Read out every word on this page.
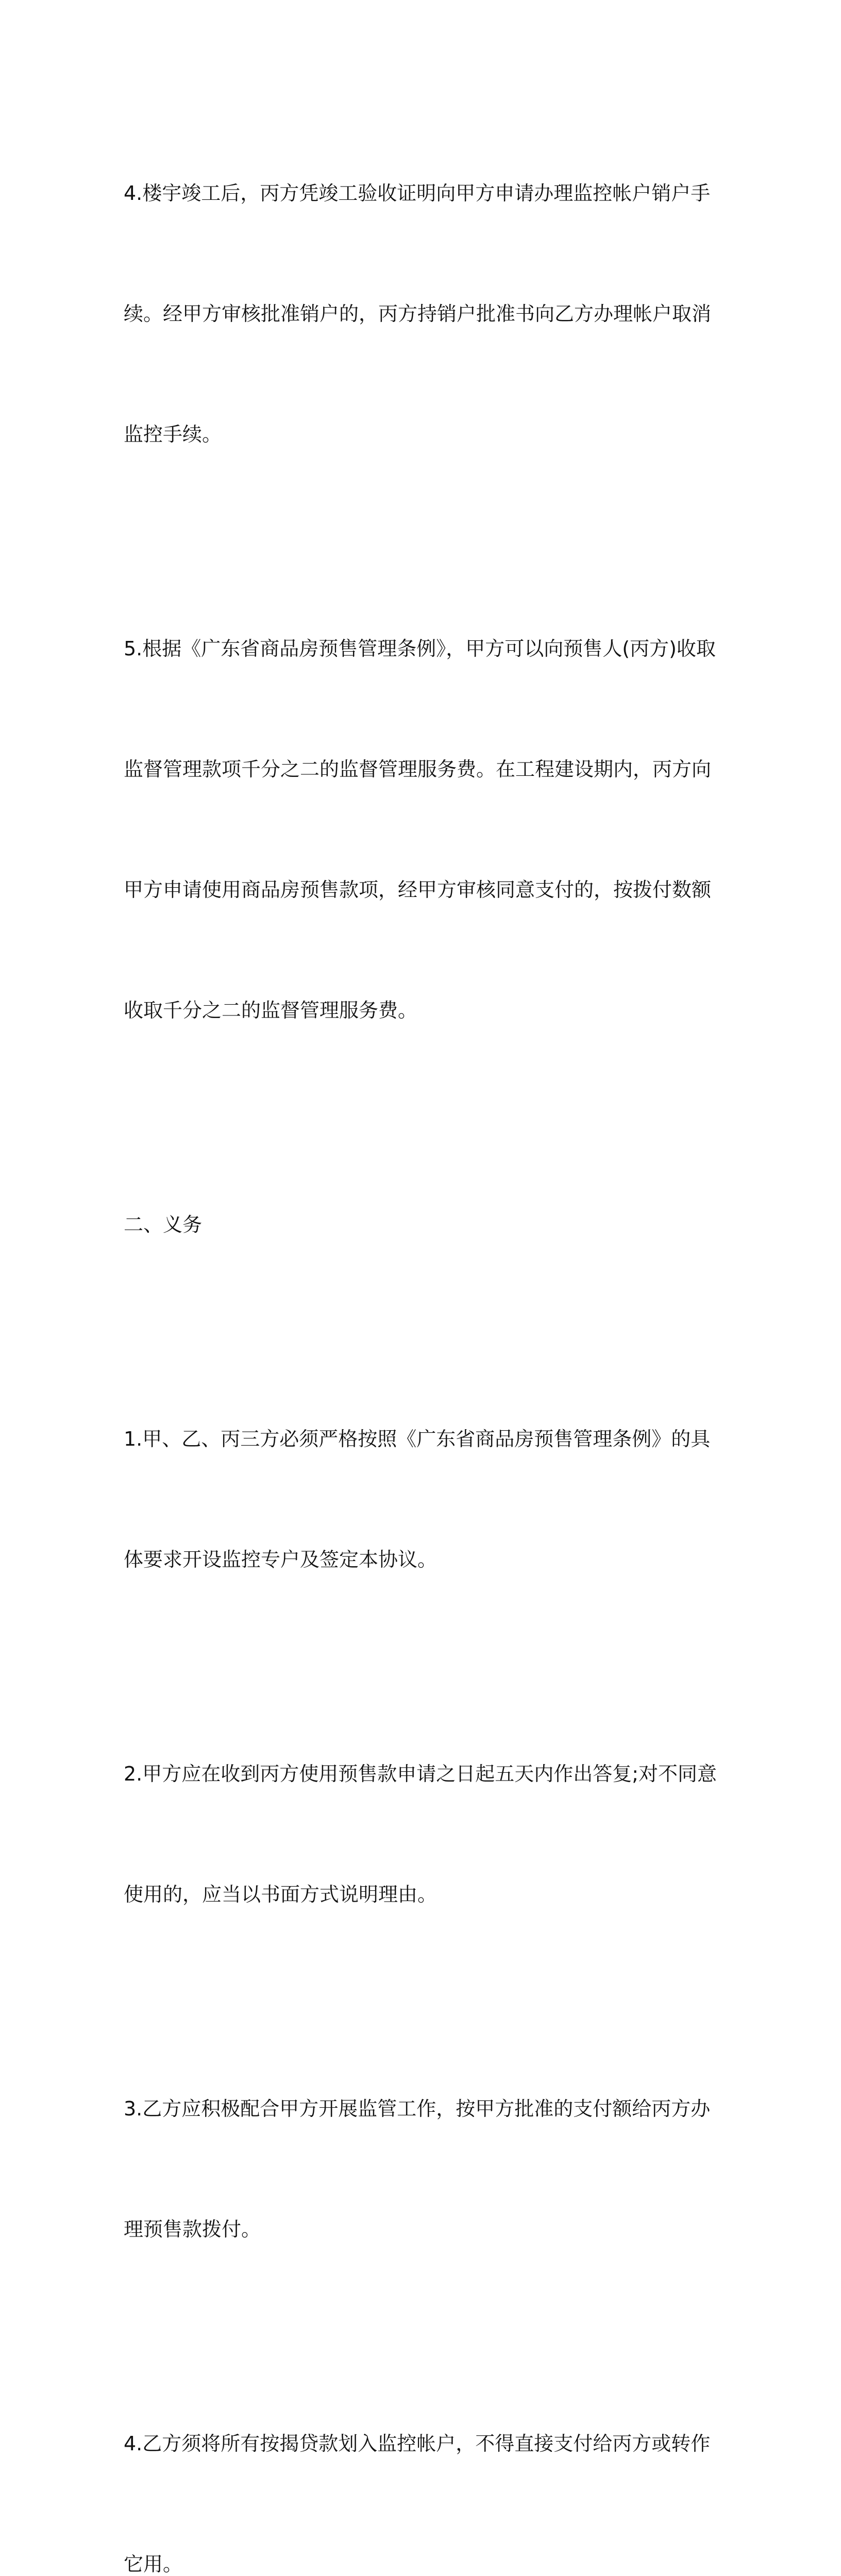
4.楼宇竣工后，丙方凭竣工验收证明向甲方申请办理监控帐户销户手

续。经甲方审核批准销户的，丙方持销户批准书向乙方办理帐户取消

监控手续。

5.根据《广东省商品房预售管理条例》，甲方可以向预售人(丙方)收取

监督管理款项千分之二的监督管理服务费。在工程建设期内，丙方向

甲方申请使用商品房预售款项，经甲方审核同意支付的，按拨付数额

收取千分之二的监督管理服务费。

二、义务

1.甲、乙、丙三方必须严格按照《广东省商品房预售管理条例》的具

体要求开设监控专户及签定本协议。

2.甲方应在收到丙方使用预售款申请之日起五天内作出答复;对不同意

使用的，应当以书面方式说明理由。

3.乙方应积极配合甲方开展监管工作，按甲方批准的支付额给丙方办

理预售款拨付。

4.乙方须将所有按揭贷款划入监控帐户，不得直接支付给丙方或转作

它用。
